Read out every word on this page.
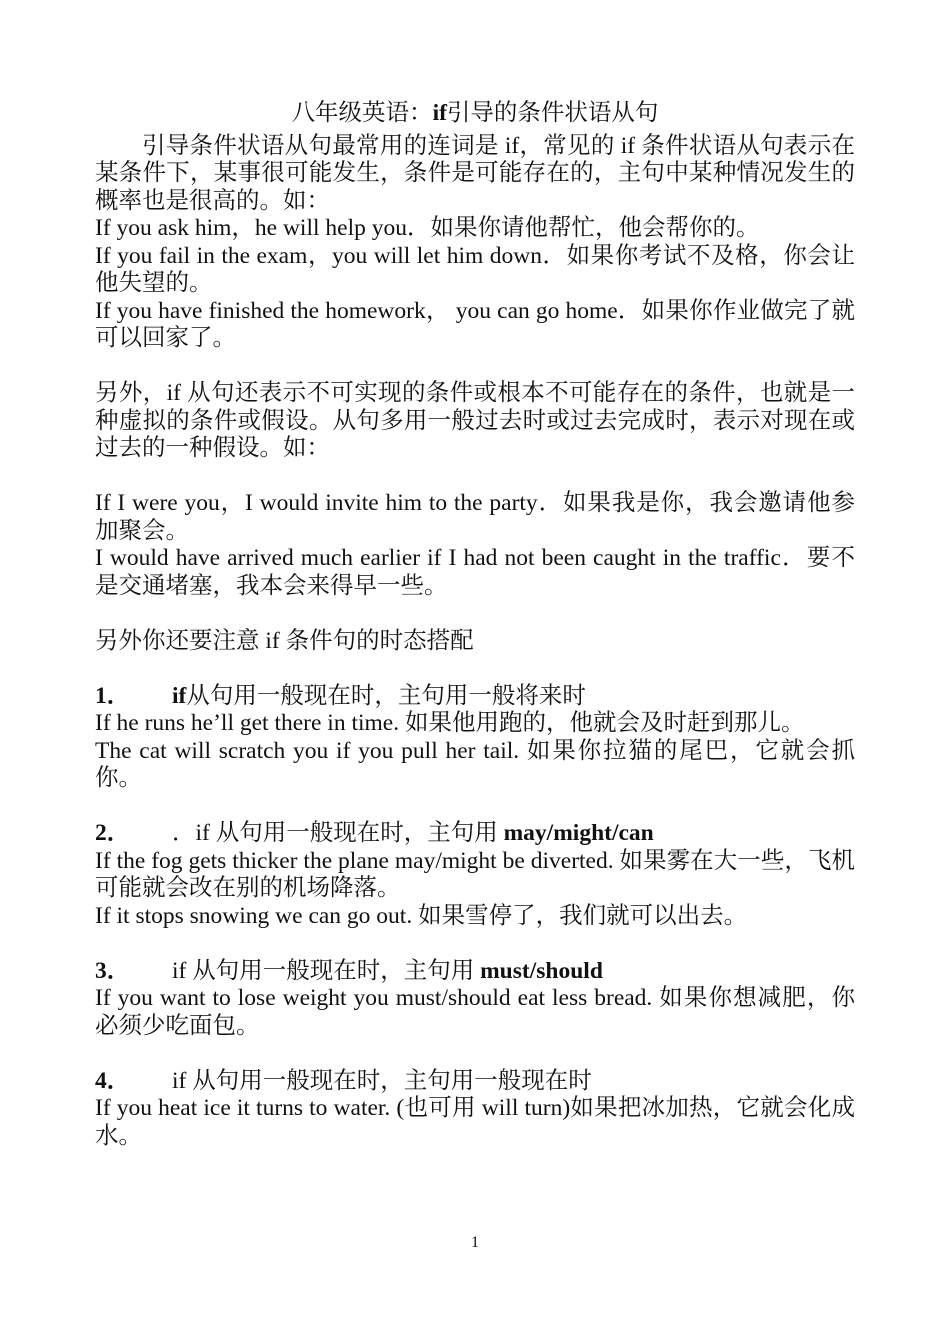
八年级英语：if引导的条件状语从句

引导条件状语从句最常用的连词是 if，常见的 if 条件状语从句表示在某条件下，某事很可能发生，条件是可能存在的，主句中某种情况发生的概率也是很高的。如：

If you ask him，he will help you．如果你请他帮忙，他会帮你的。

If you fail in the exam，you will let him down．如果你考试不及格，你会让他失望的。

If you have finished the homework， you can go home．如果你作业做完了就可以回家了。

另外，if 从句还表示不可实现的条件或根本不可能存在的条件，也就是一种虚拟的条件或假设。从句多用一般过去时或过去完成时，表示对现在或过去的一种假设。如：

If I were you，I would invite him to the party．如果我是你，我会邀请他参加聚会。

I would have arrived much earlier if I had not been caught in the traffic．要不是交通堵塞，我本会来得早一些。

另外你还要注意 if 条件句的时态搭配

1． if从句用一般现在时，主句用一般将来时

If he runs he’ll get there in time. 如果他用跑的，他就会及时赶到那儿。

The cat will scratch you if you pull her tail. 如果你拉猫的尾巴，它就会抓你。

2． ．if 从句用一般现在时，主句用 may/might/can

If the fog gets thicker the plane may/might be diverted. 如果雾在大一些，飞机可能就会改在别的机场降落。

If it stops snowing we can go out. 如果雪停了，我们就可以出去。

3． if 从句用一般现在时，主句用 must/should

If you want to lose weight you must/should eat less bread. 如果你想减肥，你必须少吃面包。

4． if 从句用一般现在时，主句用一般现在时

If you heat ice it turns to water. (也可用 will turn)如果把冰加热，它就会化成水。

1
